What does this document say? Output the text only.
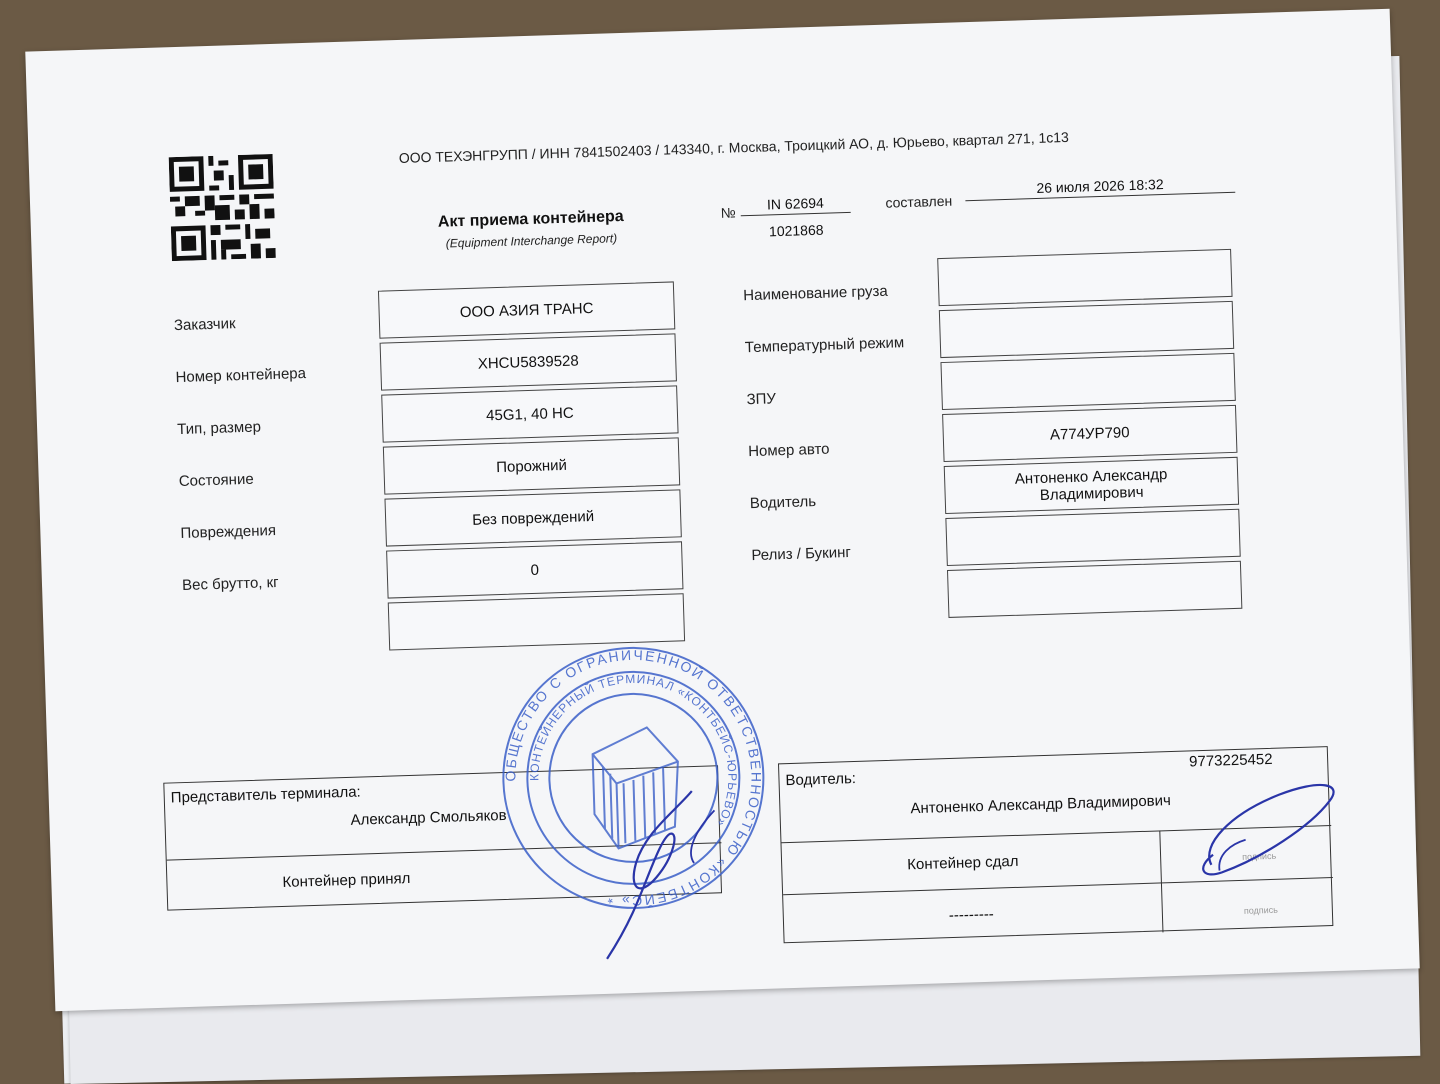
ООО ТЕХЭНГРУПП / ИНН 7841502403 / 143340, г. Москва, Троицкий АО, д. Юрьево, квартал 271, 1с13
Акт приема контейнера
(Equipment Interchange Report)
№
IN 62694
1021868
составлен
26 июля 2026 18:32
Заказчик
Номер контейнера
Тип, размер
Состояние
Повреждения
Вес брутто, кг
ООО АЗИЯ ТРАНС
XHCU5839528
45G1, 40 HC
Порожний
Без повреждений
0
Наименование груза
Температурный режим
ЗПУ
Номер авто
Водитель
Релиз / Букинг
А774УР790
Антоненко Александр Владимирович
Представитель терминала:
Александр Смольяков
Контейнер принял
Водитель:
9773225452
Антоненко Александр Владимирович
Контейнер сдал	подпись
---------	подпись
ОБЩЕСТВО С ОГРАНИЧЕННОЙ ОТВЕТСТВЕННОСТЬЮ «КОНТБЕЙС» *
КОНТЕЙНЕРНЫЙ ТЕРМИНАЛ «КОНТБЕЙС-ЮРЬЕВО»
